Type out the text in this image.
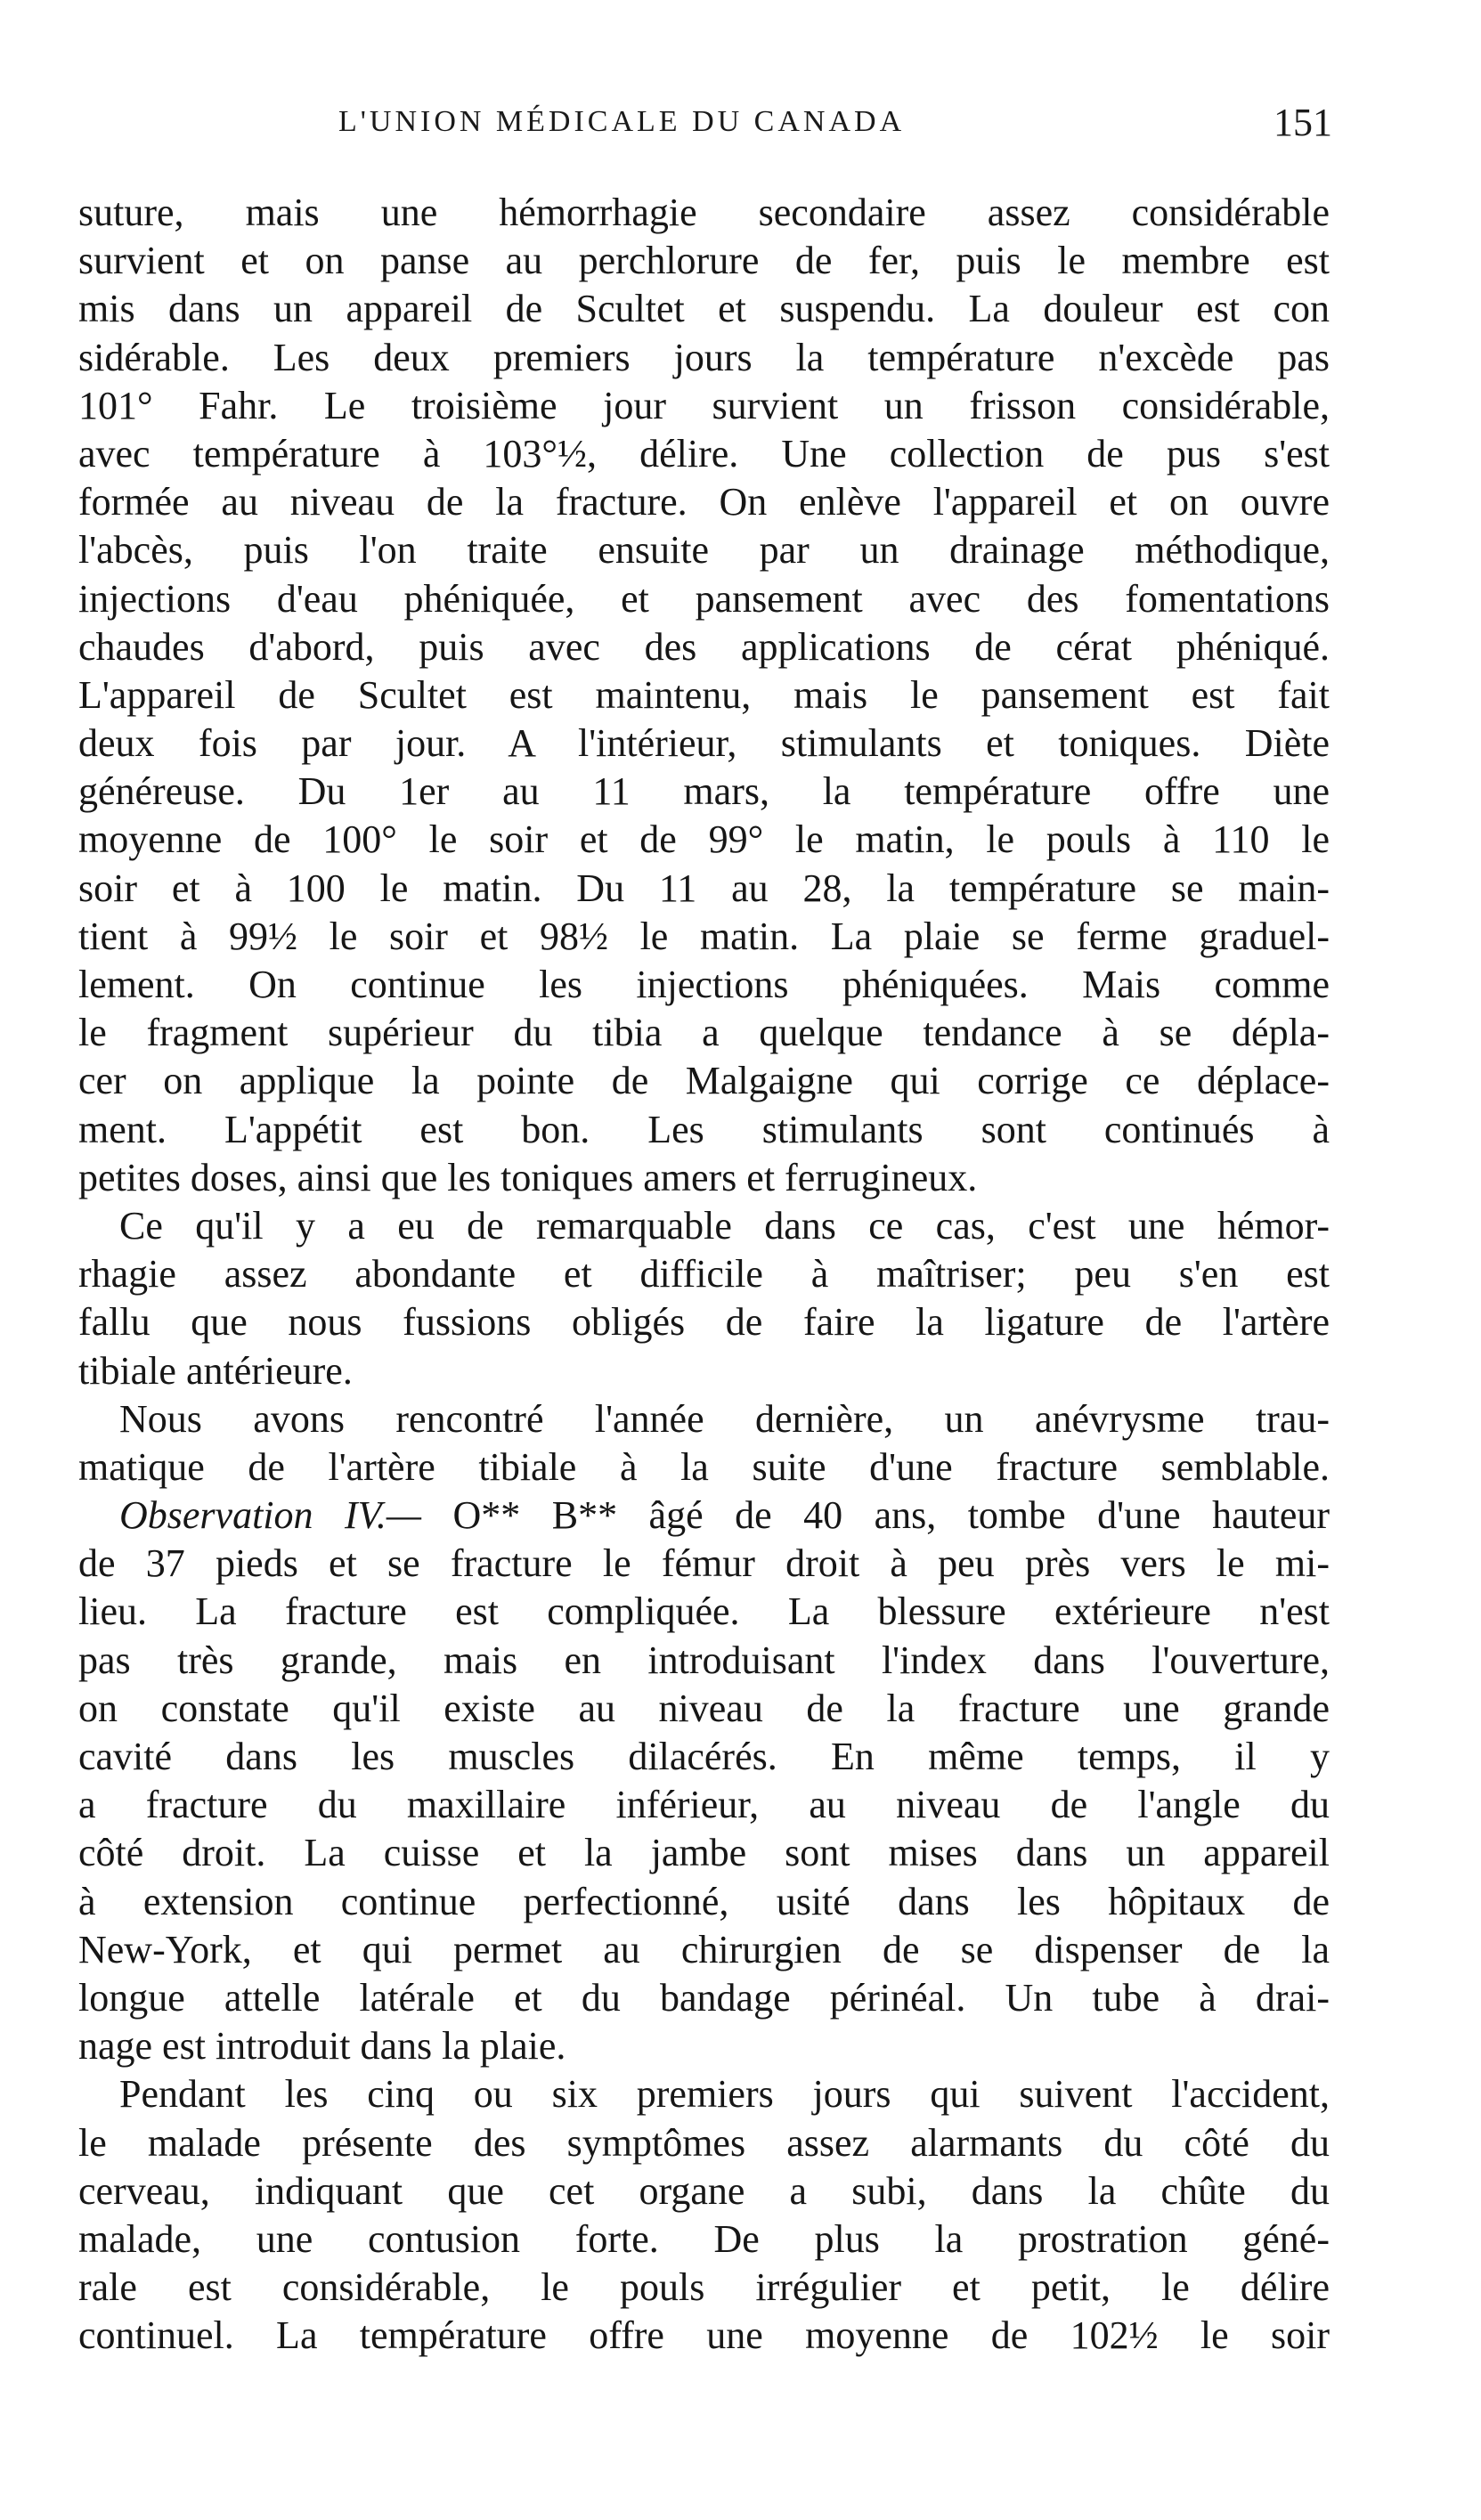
L'UNION MÉDICALE DU CANADA	151
suture, mais une hémorrhagie secondaire assez considérable
survient et on panse au perchlorure de fer, puis le membre est
mis dans un appareil de Scultet et suspendu. La douleur est con
sidérable. Les deux premiers jours la température n'excède pas
101° Fahr. Le troisième jour survient un frisson considérable,
avec température à 103°½, délire. Une collection de pus s'est
formée au niveau de la fracture. On enlève l'appareil et on ouvre
l'abcès, puis l'on traite ensuite par un drainage méthodique,
injections d'eau phéniquée, et pansement avec des fomentations
chaudes d'abord, puis avec des applications de cérat phéniqué.
L'appareil de Scultet est maintenu, mais le pansement est fait
deux fois par jour. A l'intérieur, stimulants et toniques. Diète
généreuse. Du 1er au 11 mars, la température offre une
moyenne de 100° le soir et de 99° le matin, le pouls à 110 le
soir et à 100 le matin. Du 11 au 28, la température se main-
tient à 99½ le soir et 98½ le matin. La plaie se ferme graduel-
lement. On continue les injections phéniquées. Mais comme
le fragment supérieur du tibia a quelque tendance à se dépla-
cer on applique la pointe de Malgaigne qui corrige ce déplace-
ment. L'appétit est bon. Les stimulants sont continués à
petites doses, ainsi que les toniques amers et ferrugineux.
Ce qu'il y a eu de remarquable dans ce cas, c'est une hémor-
rhagie assez abondante et difficile à maîtriser; peu s'en est
fallu que nous fussions obligés de faire la ligature de l'artère
tibiale antérieure.
Nous avons rencontré l'année dernière, un anévrysme trau-
matique de l'artère tibiale à la suite d'une fracture semblable.
Observation IV.— O** B** âgé de 40 ans, tombe d'une hauteur
de 37 pieds et se fracture le fémur droit à peu près vers le mi-
lieu. La fracture est compliquée. La blessure extérieure n'est
pas très grande, mais en introduisant l'index dans l'ouverture,
on constate qu'il existe au niveau de la fracture une grande
cavité dans les muscles dilacérés. En même temps, il y
a fracture du maxillaire inférieur, au niveau de l'angle du
côté droit. La cuisse et la jambe sont mises dans un appareil
à extension continue perfectionné, usité dans les hôpitaux de
New-York, et qui permet au chirurgien de se dispenser de la
longue attelle latérale et du bandage périnéal. Un tube à drai-
nage est introduit dans la plaie.
Pendant les cinq ou six premiers jours qui suivent l'accident,
le malade présente des symptômes assez alarmants du côté du
cerveau, indiquant que cet organe a subi, dans la chûte du
malade, une contusion forte. De plus la prostration géné-
rale est considérable, le pouls irrégulier et petit, le délire
continuel. La température offre une moyenne de 102½ le soir
